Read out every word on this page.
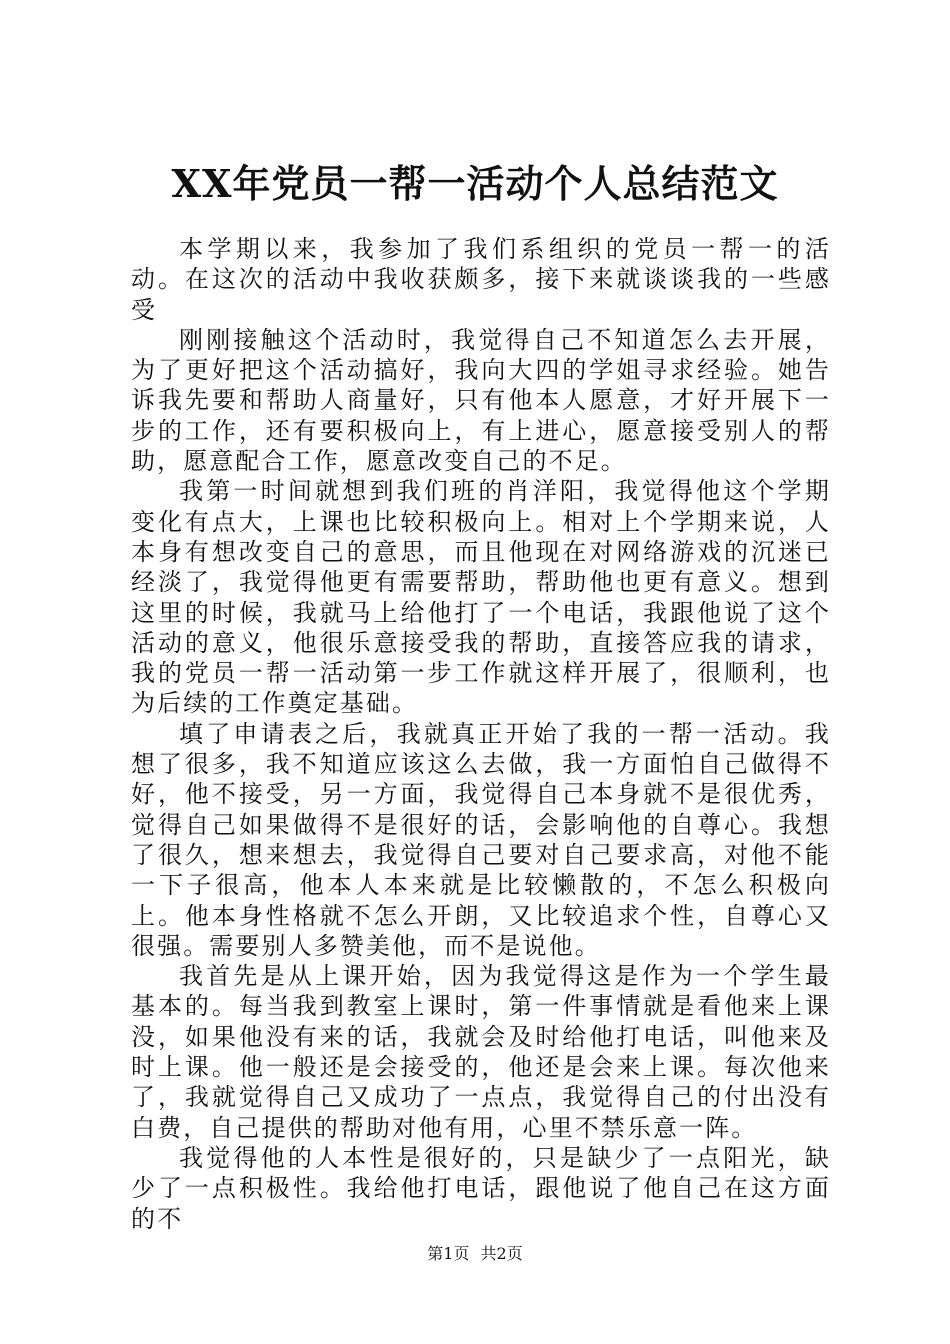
XX年党员一帮一活动个人总结范文

本学期以来，我参加了我们系组织的党员一帮一的活动。在这次的活动中我收获颇多，接下来就谈谈我的一些感受

刚刚接触这个活动时，我觉得自己不知道怎么去开展，为了更好把这个活动搞好，我向大四的学姐寻求经验。她告诉我先要和帮助人商量好，只有他本人愿意，才好开展下一步的工作，还有要积极向上，有上进心，愿意接受别人的帮助，愿意配合工作，愿意改变自己的不足。

我第一时间就想到我们班的肖洋阳，我觉得他这个学期变化有点大，上课也比较积极向上。相对上个学期来说，人本身有想改变自己的意思，而且他现在对网络游戏的沉迷已经淡了，我觉得他更有需要帮助，帮助他也更有意义。想到这里的时候，我就马上给他打了一个电话，我跟他说了这个活动的意义，他很乐意接受我的帮助，直接答应我的请求，我的党员一帮一活动第一步工作就这样开展了，很顺利，也为后续的工作奠定基础。

填了申请表之后，我就真正开始了我的一帮一活动。我想了很多，我不知道应该这么去做，我一方面怕自己做得不好，他不接受，另一方面，我觉得自己本身就不是很优秀，觉得自己如果做得不是很好的话，会影响他的自尊心。我想了很久，想来想去，我觉得自己要对自己要求高，对他不能一下子很高，他本人本来就是比较懒散的，不怎么积极向上。他本身性格就不怎么开朗，又比较追求个性，自尊心又很强。需要别人多赞美他，而不是说他。

我首先是从上课开始，因为我觉得这是作为一个学生最基本的。每当我到教室上课时，第一件事情就是看他来上课没，如果他没有来的话，我就会及时给他打电话，叫他来及时上课。他一般还是会接受的，他还是会来上课。每次他来了，我就觉得自己又成功了一点点，我觉得自己的付出没有白费，自己提供的帮助对他有用，心里不禁乐意一阵。

我觉得他的人本性是很好的，只是缺少了一点阳光，缺少了一点积极性。我给他打电话，跟他说了他自己在这方面的不

第1页 共2页
